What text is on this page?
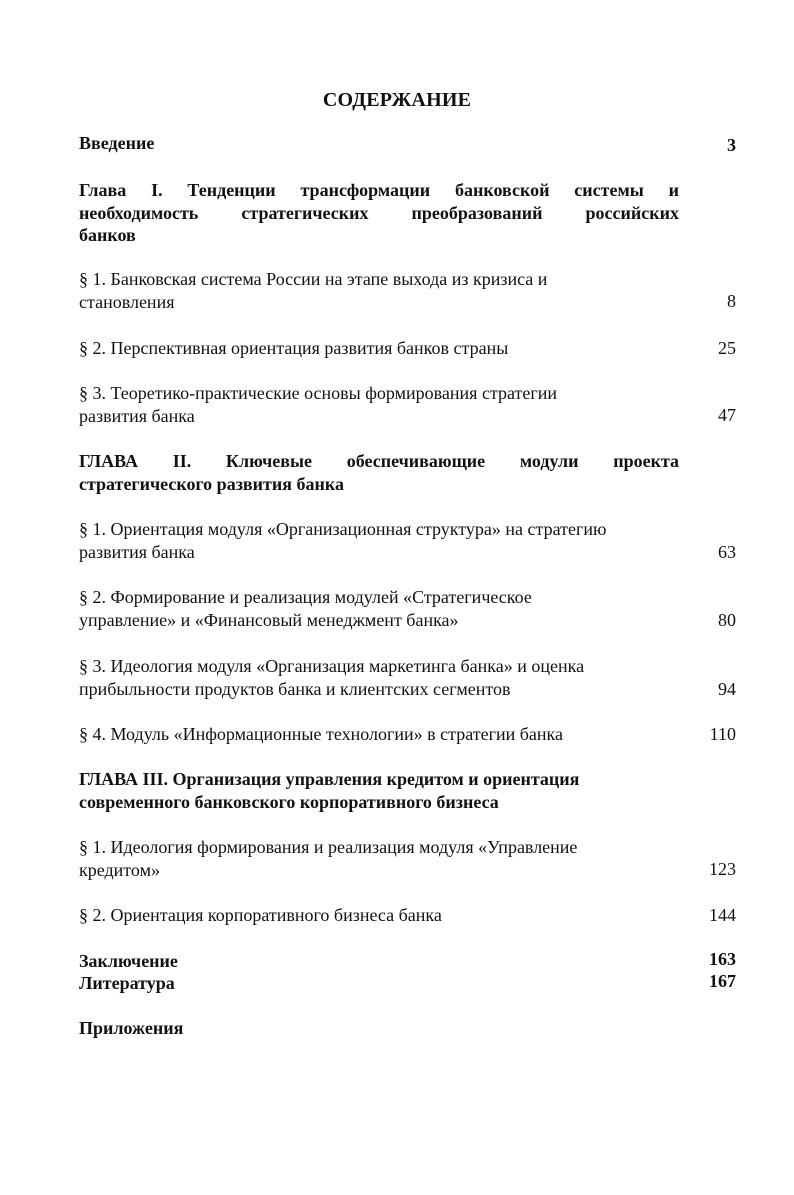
СОДЕРЖАНИЕ
Введение	3
Глава I. Тенденции трансформации банковской системы и
необходимость стратегических преобразований российских
банков
§ 1. Банковская система России на этапе выхода из кризиса и
становления	8
§ 2. Перспективная ориентация развития банков страны	25
§ 3. Теоретико-практические основы формирования стратегии
развития банка	47
ГЛАВА II. Ключевые обеспечивающие модули проекта
стратегического развития банка
§ 1. Ориентация модуля «Организационная структура» на стратегию
развития банка	63
§ 2. Формирование и реализация модулей «Стратегическое
управление» и «Финансовый менеджмент банка»	80
§ 3. Идеология модуля «Организация маркетинга банка» и оценка
прибыльности продуктов банка и клиентских сегментов	94
§ 4. Модуль «Информационные технологии» в стратегии банка	110
ГЛАВА III. Организация управления кредитом и ориентация
современного банковского корпоративного бизнеса
§ 1. Идеология формирования и реализация модуля «Управление
кредитом»	123
§ 2. Ориентация корпоративного бизнеса банка	144
Заключение	163
Литература	167
Приложения
